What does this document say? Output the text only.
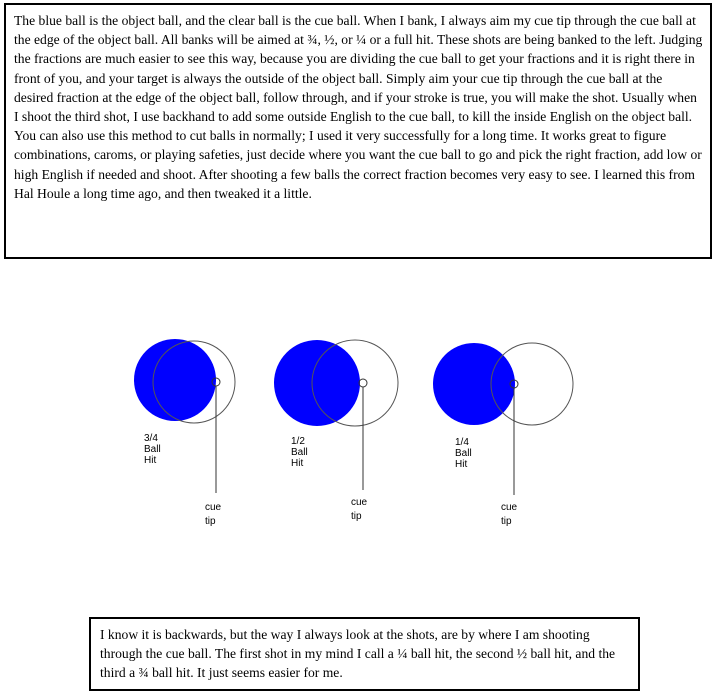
The blue ball is the object ball, and the clear ball is the cue ball. When I bank, I always aim my cue tip through the cue ball at the edge of the object ball. All banks will be aimed at ¾, ½, or ¼ or a full hit. These shots are being banked to the left. Judging the fractions are much easier to see this way, because you are dividing the cue ball to get your fractions and it is right there in front of you, and your target is always the outside of the object ball. Simply aim your cue tip through the cue ball at the desired fraction at the edge of the object ball, follow through, and if your stroke is true, you will make the shot. Usually when I shoot the third shot, I use backhand to add some outside English to the cue ball, to kill the inside English on the object ball. You can also use this method to cut balls in normally; I used it very successfully for a long time. It works great to figure combinations, caroms, or playing safeties, just decide where you want the cue ball to go and pick the right fraction, add low or high English if needed and shoot. After shooting a few balls the correct fraction becomes very easy to see. I learned this from Hal Houle a long time ago, and then tweaked it a little.
3/4 Ball Hit
cue tip
1/2 Ball Hit
cue tip
1/4 Ball Hit
cue tip
I know it is backwards, but the way I always look at the shots, are by where I am shooting through the cue ball. The first shot in my mind I call a ¼ ball hit, the second ½ ball hit, and the third a ¾ ball hit. It just seems easier for me.
